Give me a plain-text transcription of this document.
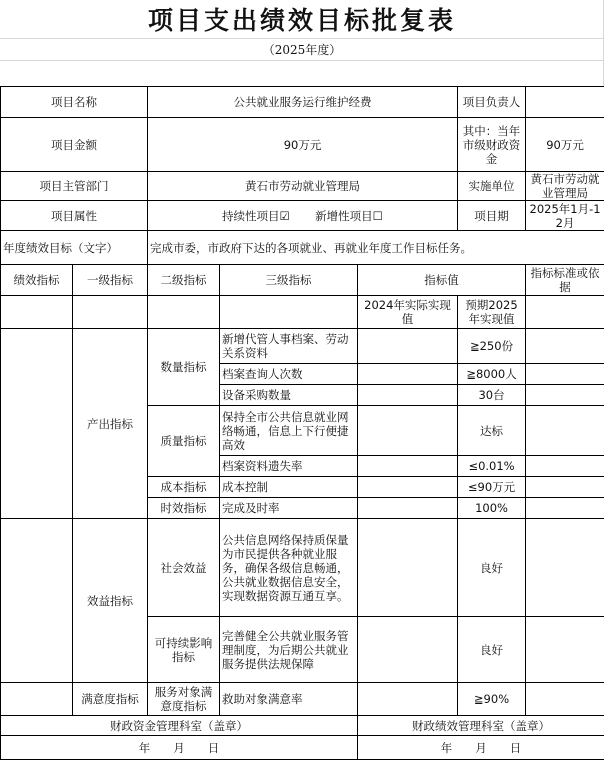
项目支出绩效目标批复表
（2025年度）
项目名称		公共就业服务运行维护经费			项目负责人	
项目金额		90万元			其中：当年市级财政资金	90万元
项目主管部门		黄石市劳动就业管理局			实施单位	黄石市劳动就业管理局
项目属性		持续性项目☑ 新增性项目☐			项目期	2025年1月-12月
年度绩效目标（文字）		完成市委，市政府下达的各项就业、再就业年度工作目标任务。				
绩效指标	一级指标	二级指标	三级指标	指标值		指标标准或依据
				2024年实际实现值	预期2025年实现值	
	产出指标	数量指标	新增代管人事档案、劳动关系资料		≧250份	
			档案查询人次数		≧8000人	
			设备采购数量		30台	
		质量指标	保持全市公共信息就业网络畅通，信息上下行便捷高效		达标	
			档案资料遗失率		≤0.01%	
		成本指标	成本控制		≤90万元	
		时效指标	完成及时率		100%	
	效益指标	社会效益	公共信息网络保持质保量为市民提供各种就业服务，确保各级信息畅通，公共就业数据信息安全，实现数据资源互通互享。		良好	
		可持续影响指标	完善健全公共就业服务管理制度，为后期公共就业服务提供法规保障		良好	
	满意度指标	服务对象满意度指标	救助对象满意率		≧90%	
财政资金管理科室（盖章）				财政绩效管理科室（盖章）		
年　　月　　日				年　　月　　日		
